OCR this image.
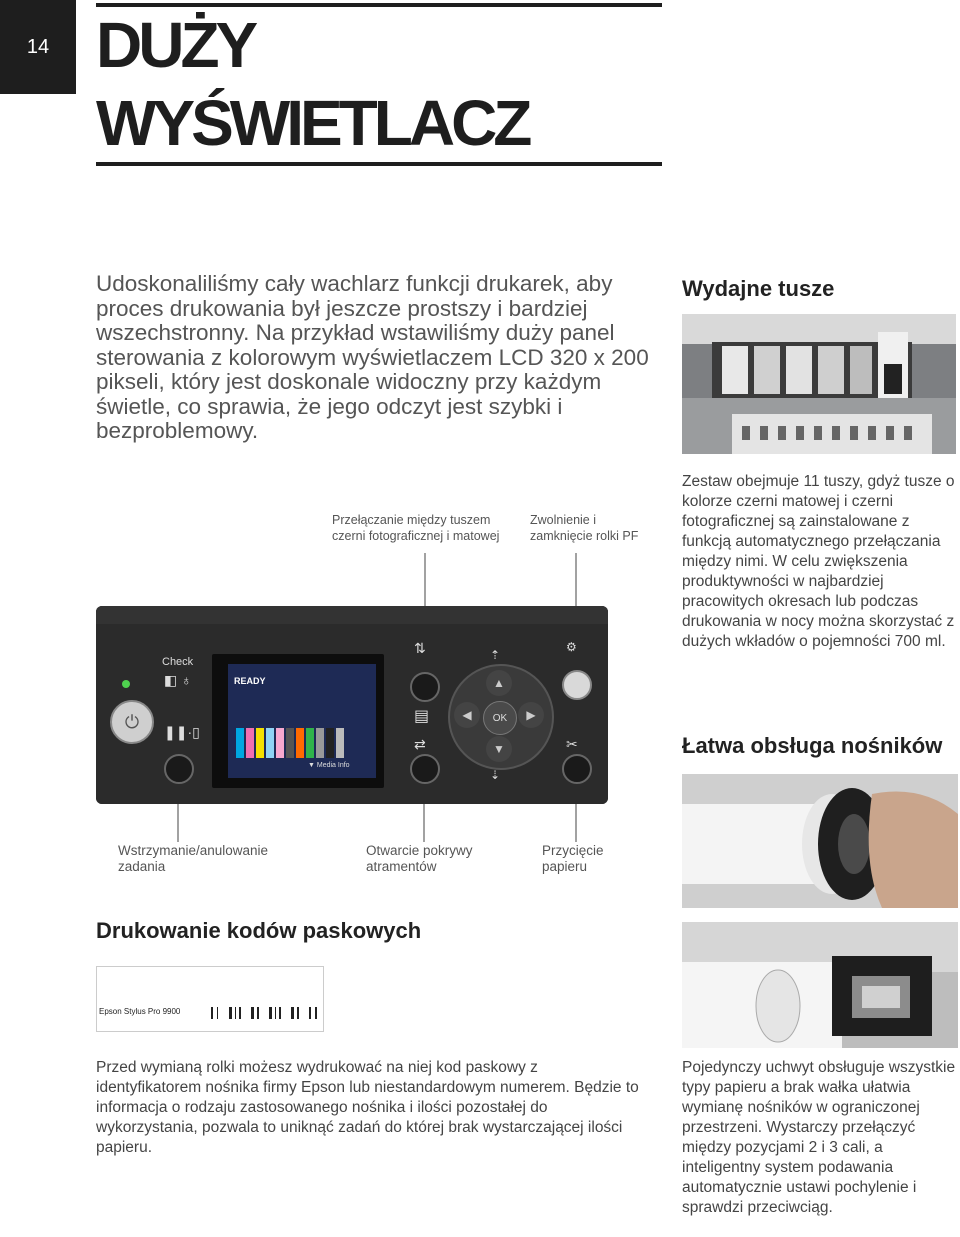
14 DUŻY
WYŚWIETLACZ
Udoskonaliliśmy cały wachlarz funkcji drukarek, aby proces drukowania był jeszcze prostszy i bardziej wszechstronny. Na przykład wstawiliśmy duży panel sterowania z kolorowym wyświetlaczem LCD 320 x 200 pikseli, który jest doskonale widoczny przy każdym świetle, co sprawia, że jego odczyt jest szybki i bezproblemowy.
Wydajne tusze
Zestaw obejmuje 11 tuszy, gdyż tusze o kolorze czerni matowej i czerni fotograficznej są zainstalowane z funkcją automatycznego przełączania między nimi. W celu zwiększenia produktywności w najbardziej pracowitych okresach lub podczas drukowania w nocy można skorzystać z dużych wkładów o pojemności 700 ml.
Przełączanie między tuszem czerni fotograficznej i matowej
Zwolnienie i zamknięcie rolki PF
Check
◧ ♁
⏻
READY
▼ Media Info
⇅
▤
⇄
▲
▼
◀	▶
OK
⇡
⇣
⚙
❚❚·▯
✂
Wstrzymanie/anulowanie zadania
Otwarcie pokrywy atramentów
Przycięcie papieru
Łatwa obsługa nośników
Pojedynczy uchwyt obsługuje wszystkie typy papieru a brak wałka ułatwia wymianę nośników w ograniczonej przestrzeni. Wystarczy przełączyć między pozycjami 2 i 3 cali, a inteligentny system podawania automatycznie ustawi pochylenie i sprawdzi przeciwciąg.
Drukowanie kodów paskowych
Epson Stylus Pro 9900
Przed wymianą rolki możesz wydrukować na niej kod paskowy z identyfikatorem nośnika firmy Epson lub niestandardowym numerem. Będzie to informacja o rodzaju zastosowanego nośnika i ilości pozostałej do wykorzystania, pozwala to uniknąć zadań do której brak wystarczającej ilości papieru.
